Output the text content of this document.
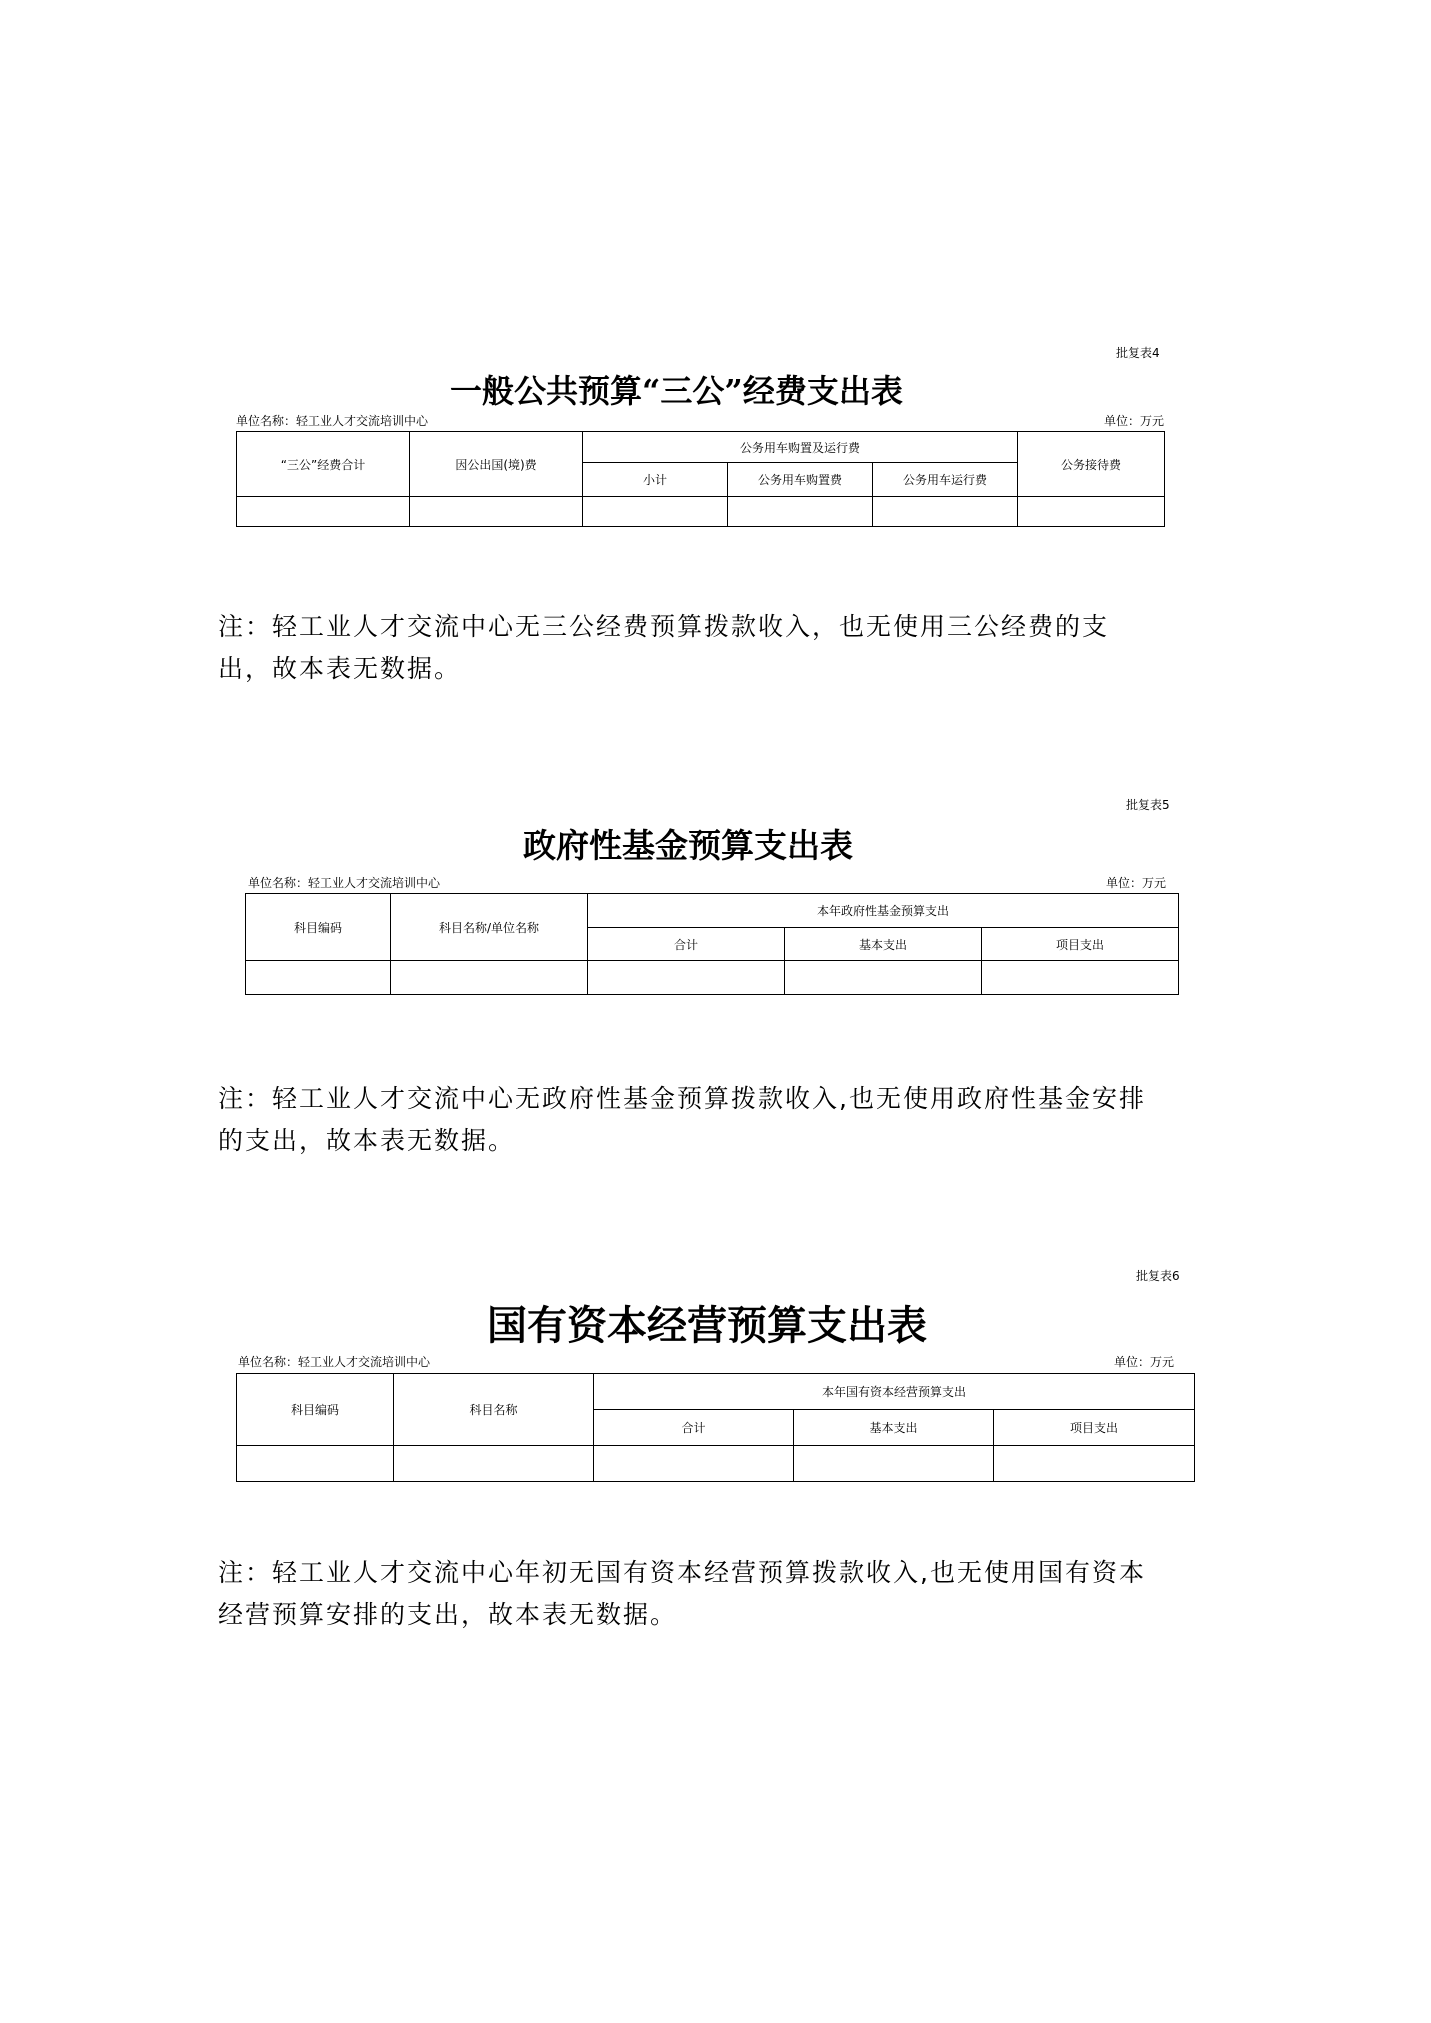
批复表4
一般公共预算“三公”经费支出表
单位名称：轻工业人才交流培训中心	单位：万元
“三公”经费合计	因公出国(境)费	公务用车购置及运行费			公务接待费
		小计	公务用车购置费	公务用车运行费	

注：轻工业人才交流中心无三公经费预算拨款收入，也无使用三公经费的支
出，故本表无数据。
批复表5
政府性基金预算支出表
单位名称：轻工业人才交流培训中心	单位：万元
科目编码	科目名称/单位名称	本年政府性基金预算支出		
		合计	基本支出	项目支出

注：轻工业人才交流中心无政府性基金预算拨款收入,也无使用政府性基金安排
的支出，故本表无数据。
批复表6
国有资本经营预算支出表
单位名称：轻工业人才交流培训中心	单位：万元
科目编码	科目名称	本年国有资本经营预算支出		
		合计	基本支出	项目支出

注：轻工业人才交流中心年初无国有资本经营预算拨款收入,也无使用国有资本
经营预算安排的支出，故本表无数据。
